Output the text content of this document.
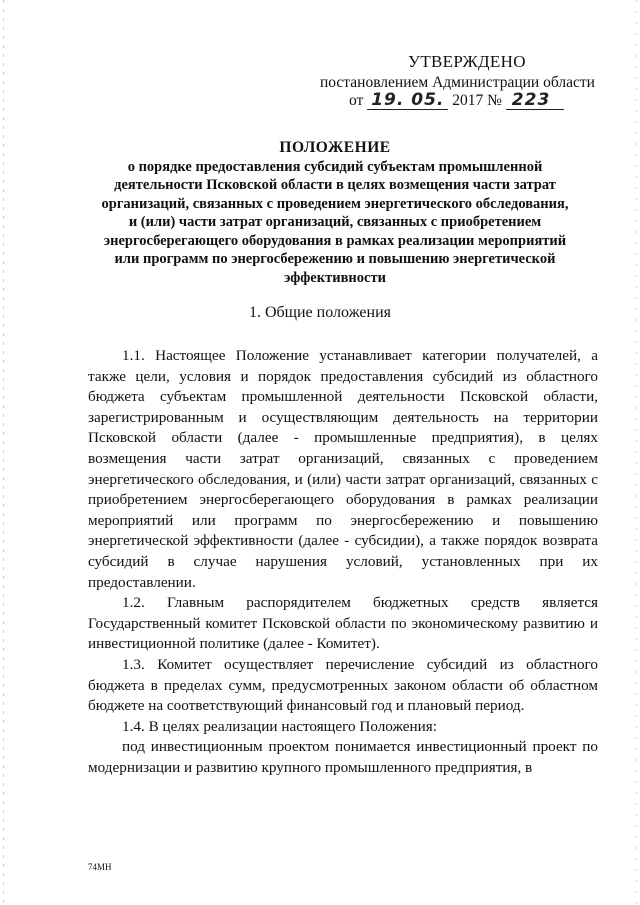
УТВЕРЖДЕНО
постановлением Администрации области
от 19. 05. 2017 № 223
ПОЛОЖЕНИЕ
о порядке предоставления субсидий субъектам промышленной
деятельности Псковской области в целях возмещения части затрат
организаций, связанных с проведением энергетического обследования,
и (или) части затрат организаций, связанных с приобретением
энергосберегающего оборудования в рамках реализации мероприятий
или программ по энергосбережению и повышению энергетической
эффективности
1. Общие положения

1.1. Настоящее Положение устанавливает категории получателей, а также цели, условия и порядок предоставления субсидий из областного бюджета субъектам промышленной деятельности Псковской области, зарегистрированным и осуществляющим деятельность на территории Псковской области (далее - промышленные предприятия), в целях возмещения части затрат организаций, связанных с проведением энергетического обследования, и (или) части затрат организаций, связанных с приобретением энергосберегающего оборудования в рамках реализации мероприятий или программ по энергосбережению и повышению энергетической эффективности (далее - субсидии), а также порядок возврата субсидий в случае нарушения условий, установленных при их предоставлении.

1.2. Главным распорядителем бюджетных средств является Государственный комитет Псковской области по экономическому развитию и инвестиционной политике (далее - Комитет).

1.3. Комитет осуществляет перечисление субсидий из областного бюджета в пределах сумм, предусмотренных законом области об областном бюджете на соответствующий финансовый год и плановый период.

1.4. В целях реализации настоящего Положения:

под инвестиционным проектом понимается инвестиционный проект по модернизации и развитию крупного промышленного предприятия, в

74МН
